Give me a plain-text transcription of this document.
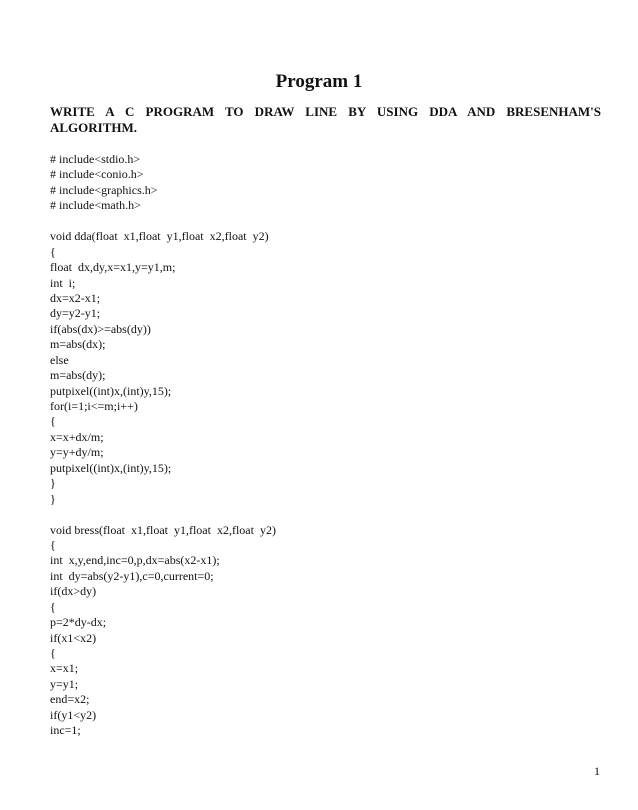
Program 1
WRITE A C PROGRAM TO DRAW LINE BY USING DDA AND BRESENHAM'S ALGORITHM.
# include<stdio.h>
# include<conio.h>
# include<graphics.h>
# include<math.h>
void dda(float  x1,float  y1,float  x2,float  y2)
{
float  dx,dy,x=x1,y=y1,m;
int  i;
dx=x2-x1;
dy=y2-y1;
if(abs(dx)>=abs(dy))
m=abs(dx);
else
m=abs(dy);
putpixel((int)x,(int)y,15);
for(i=1;i<=m;i++)
{
x=x+dx/m;
y=y+dy/m;
putpixel((int)x,(int)y,15);
}
}
void bress(float  x1,float  y1,float  x2,float  y2)
{
int  x,y,end,inc=0,p,dx=abs(x2-x1);
int  dy=abs(y2-y1),c=0,current=0;
if(dx>dy)
{
p=2*dy-dx;
if(x1<x2)
{
x=x1;
y=y1;
end=x2;
if(y1<y2)
inc=1;
1
